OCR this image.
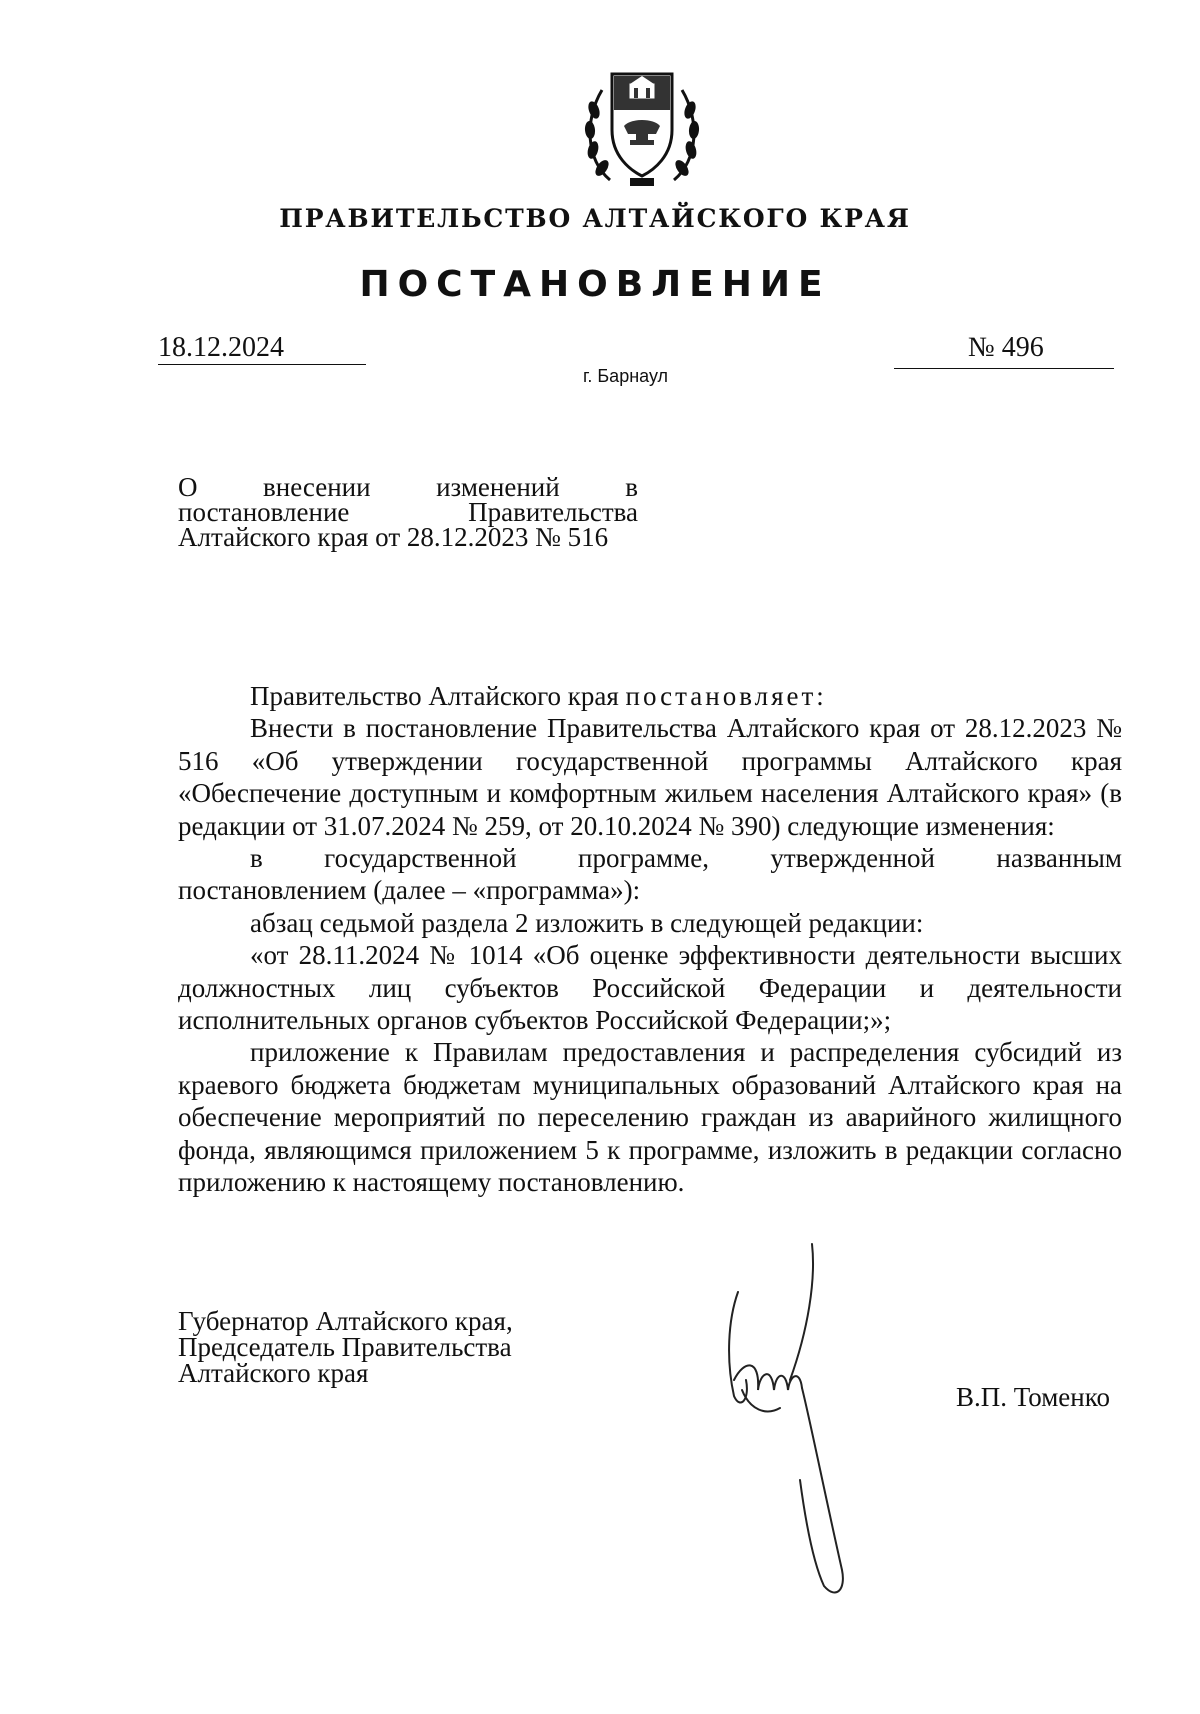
ПРАВИТЕЛЬСТВО АЛТАЙСКОГО КРАЯ
ПОСТАНОВЛЕНИЕ
18.12.2024	№ 496
г. Барнаул
О внесении изменений в
постановление Правительства
Алтайского края от 28.12.2023 № 516

Правительство Алтайского края постановляет:

Внести в постановление Правительства Алтайского края от 28.12.2023 № 516 «Об утверждении государственной программы Алтайского края «Обеспечение доступным и комфортным жильем населения Алтайского края» (в редакции от 31.07.2024 № 259, от 20.10.2024 № 390) следующие изменения:

в государственной программе, утвержденной названным

постановлением (далее – «программа»):

абзац седьмой раздела 2 изложить в следующей редакции:

«от 28.11.2024 № 1014 «Об оценке эффективности деятельности высших должностных лиц субъектов Российской Федерации и деятельности исполнительных органов субъектов Российской Федерации;»;

приложение к Правилам предоставления и распределения субсидий из краевого бюджета бюджетам муниципальных образований Алтайского края на обеспечение мероприятий по переселению граждан из аварийного жилищного фонда, являющимся приложением 5 к программе, изложить в редакции согласно приложению к настоящему постановлению.

Губернатор Алтайского края,
Председатель Правительства
Алтайского края
В.П. Томенко
